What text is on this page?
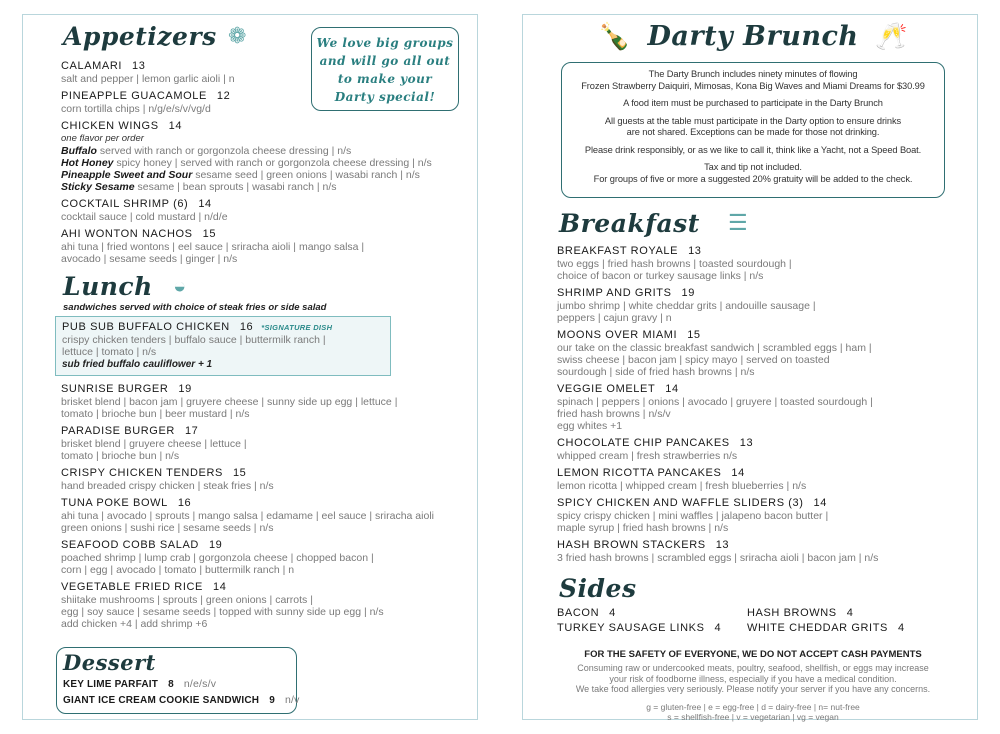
Appetizers ❁	We love big groups
and will go all out
to make your
Darty special!
CALAMARI 13
salt and pepper | lemon garlic aioli | n
PINEAPPLE GUACAMOLE 12
corn tortilla chips | n/g/e/s/v/vg/d
CHICKEN WINGS 14
one flavor per order
Buffalo served with ranch or gorgonzola cheese dressing | n/s
Hot Honey spicy honey | served with ranch or gorgonzola cheese dressing | n/s
Pineapple Sweet and Sour sesame seed | green onions | wasabi ranch | n/s
Sticky Sesame sesame | bean sprouts | wasabi ranch | n/s
COCKTAIL SHRIMP (6) 14
cocktail sauce | cold mustard | n/d/e
AHI WONTON NACHOS 15
ahi tuna | fried wontons | eel sauce | sriracha aioli | mango salsa |
avocado | sesame seeds | ginger | n/s
Lunch ◒
sandwiches served with choice of steak fries or side salad
PUB SUB BUFFALO CHICKEN 16 *SIGNATURE DISH
crispy chicken tenders | buffalo sauce | buttermilk ranch |
lettuce | tomato | n/s
sub fried buffalo cauliflower + 1
SUNRISE BURGER 19
brisket blend | bacon jam | gruyere cheese | sunny side up egg | lettuce |
tomato | brioche bun | beer mustard | n/s
PARADISE BURGER 17
brisket blend | gruyere cheese | lettuce |
tomato | brioche bun | n/s
CRISPY CHICKEN TENDERS 15
hand breaded crispy chicken | steak fries | n/s
TUNA POKE BOWL 16
ahi tuna | avocado | sprouts | mango salsa | edamame | eel sauce | sriracha aioli
green onions | sushi rice | sesame seeds | n/s
SEAFOOD COBB SALAD 19
poached shrimp | lump crab | gorgonzola cheese | chopped bacon |
corn | egg | avocado | tomato | buttermilk ranch | n
VEGETABLE FRIED RICE 14
shiitake mushrooms | sprouts | green onions | carrots |
egg | soy sauce | sesame seeds | topped with sunny side up egg | n/s
add chicken +4 | add shrimp +6
Dessert
KEY LIME PARFAIT 8 n/e/s/v
GIANT ICE CREAM COOKIE SANDWICH 9 n/v
🍾 Darty Brunch 🥂
The Darty Brunch includes ninety minutes of flowing
Frozen Strawberry Daiquiri, Mimosas, Kona Big Waves and Miami Dreams for $30.99
A food item must be purchased to participate in the Darty Brunch
All guests at the table must participate in the Darty option to ensure drinks
are not shared. Exceptions can be made for those not drinking.
Please drink responsibly, or as we like to call it, think like a Yacht, not a Speed Boat.
Tax and tip not included.
For groups of five or more a suggested 20% gratuity will be added to the check.
Breakfast ☰
BREAKFAST ROYALE 13
two eggs | fried hash browns | toasted sourdough |
choice of bacon or turkey sausage links | n/s
SHRIMP AND GRITS 19
jumbo shrimp | white cheddar grits | andouille sausage |
peppers | cajun gravy | n
MOONS OVER MIAMI 15
our take on the classic breakfast sandwich | scrambled eggs | ham |
swiss cheese | bacon jam | spicy mayo | served on toasted
sourdough | side of fried hash browns | n/s
VEGGIE OMELET 14
spinach | peppers | onions | avocado | gruyere | toasted sourdough |
fried hash browns | n/s/v
egg whites +1
CHOCOLATE CHIP PANCAKES 13
whipped cream | fresh strawberries n/s
LEMON RICOTTA PANCAKES 14
lemon ricotta | whipped cream | fresh blueberries | n/s
SPICY CHICKEN AND WAFFLE SLIDERS (3) 14
spicy crispy chicken | mini waffles | jalapeno bacon butter |
maple syrup | fried hash browns | n/s
HASH BROWN STACKERS 13
3 fried hash browns | scrambled eggs | sriracha aioli | bacon jam | n/s
Sides
BACON 4	HASH BROWNS 4
TURKEY SAUSAGE LINKS 4	WHITE CHEDDAR GRITS 4
FOR THE SAFETY OF EVERYONE, WE DO NOT ACCEPT CASH PAYMENTS
Consuming raw or undercooked meats, poultry, seafood, shellfish, or eggs may increase
your risk of foodborne illness, especially if you have a medical condition.
We take food allergies very seriously. Please notify your server if you have any concerns.
g = gluten-free | e = egg-free | d = dairy-free | n= nut-free
s = shellfish-free | v = vegetarian | vg = vegan
